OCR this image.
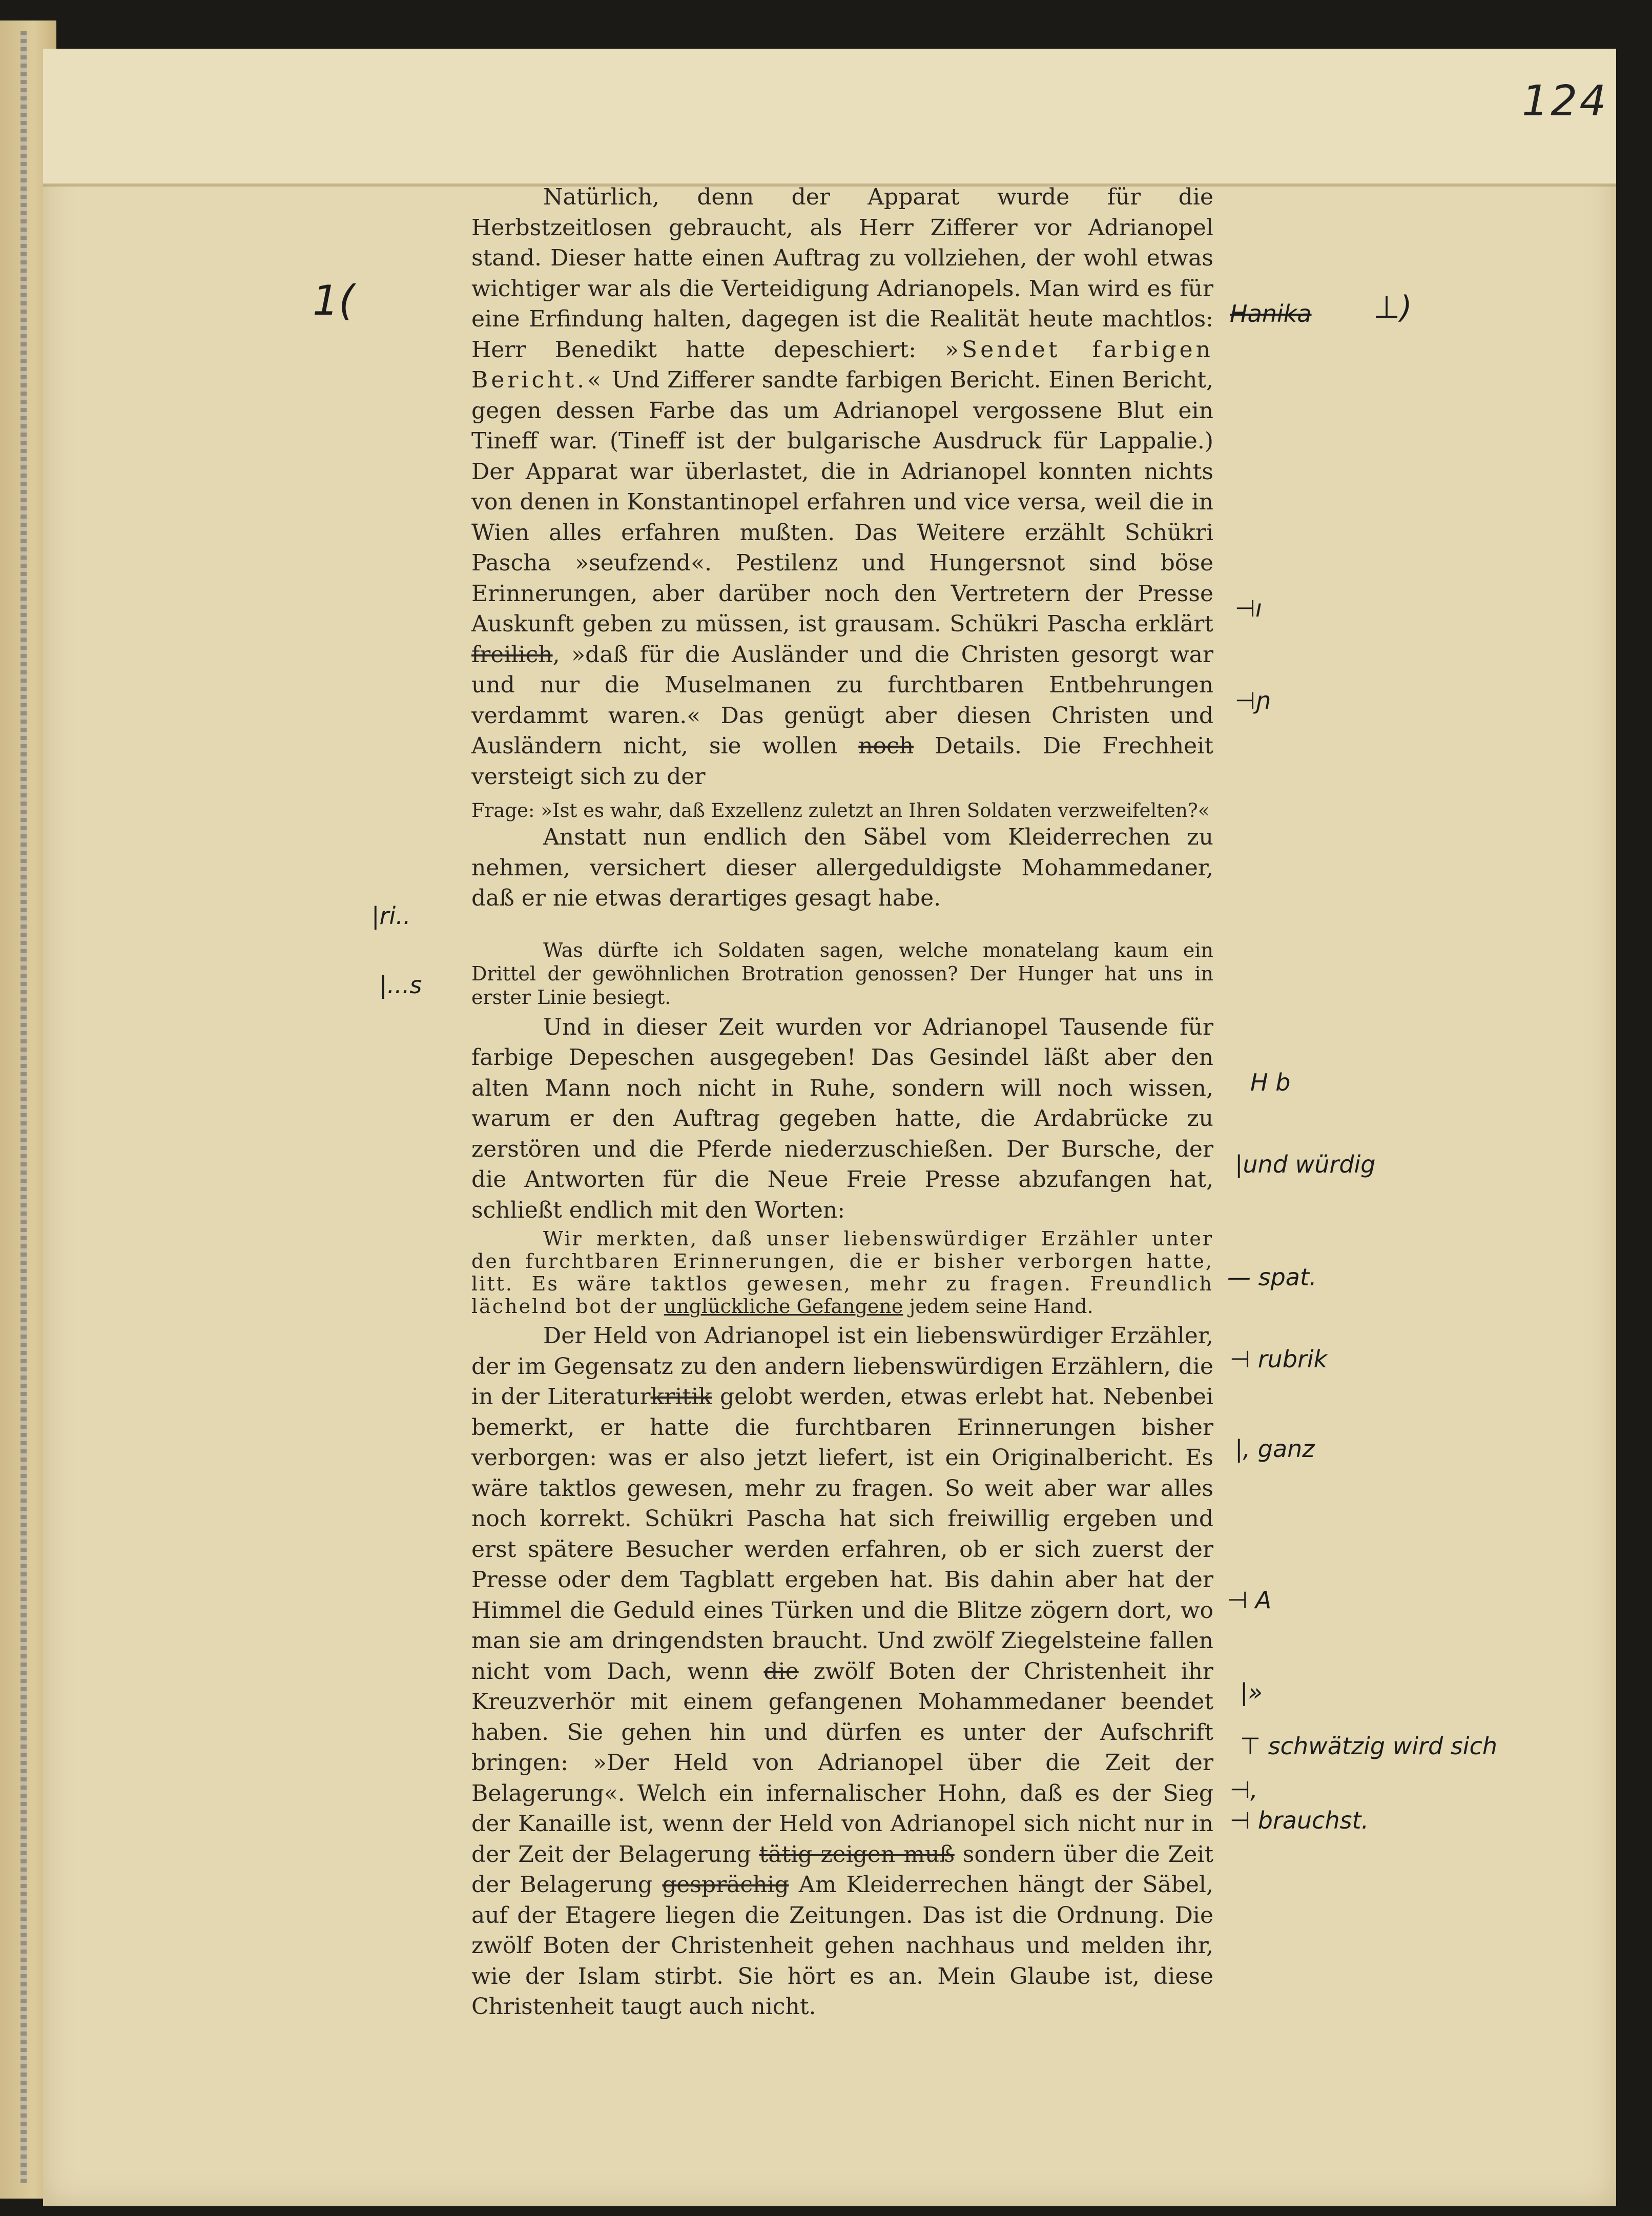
124

Natürlich, denn der Apparat wurde für die Herbstzeitlosen gebraucht, als Herr Zifferer vor Adrianopel stand. Dieser hatte einen Auftrag zu vollziehen, der wohl etwas wichtiger war als die Verteidigung Adrianopels. Man wird es für eine Erfindung halten, dagegen ist die Realität heute machtlos: Herr Benedikt hatte depeschiert: »Sendet farbigen Bericht.« Und Zifferer sandte farbigen Bericht. Einen Bericht, gegen dessen Farbe das um Adrianopel vergossene Blut ein Tineff war. (Tineff ist der bulgarische Ausdruck für Lappalie.) Der Apparat war überlastet, die in Adrianopel konnten nichts von denen in Konstantinopel erfahren und vice versa, weil die in Wien alles erfahren mußten. Das Weitere erzählt Schükri Pascha »seufzend«. Pestilenz und Hungersnot sind böse Erinnerungen, aber darüber noch den Vertretern der Presse Auskunft geben zu müssen, ist grausam. Schükri Pascha erklärt freilich, »daß für die Ausländer und die Christen gesorgt war und nur die Muselmanen zu furchtbaren Entbehrungen verdammt waren.« Das genügt aber diesen Christen und Ausländern nicht, sie wollen noch Details. Die Frechheit versteigt sich zu der

Frage: »Ist es wahr, daß Exzellenz zuletzt an Ihren Soldaten verzweifelten?«

Anstatt nun endlich den Säbel vom Kleiderrechen zu nehmen, versichert dieser allergeduldigste Mohammedaner, daß er nie etwas derartiges gesagt habe.

Was dürfte ich Soldaten sagen, welche monatelang kaum ein Drittel der gewöhnlichen Brotration genossen? Der Hunger hat uns in erster Linie besiegt.

Und in dieser Zeit wurden vor Adrianopel Tausende für farbige Depeschen ausgegeben! Das Gesindel läßt aber den alten Mann noch nicht in Ruhe, sondern will noch wissen, warum er den Auftrag gegeben hatte, die Ardabrücke zu zerstören und die Pferde niederzuschießen. Der Bursche, der die Antworten für die Neue Freie Presse abzufangen hat, schließt endlich mit den Worten:

Wir merkten, daß unser liebenswürdiger Erzähler unter den furchtbaren Erinnerungen, die er bisher verborgen hatte, litt. Es wäre taktlos gewesen, mehr zu fragen. Freundlich lächelnd bot der unglückliche Gefangene jedem seine Hand.

Der Held von Adrianopel ist ein liebenswürdiger Erzähler, der im Gegensatz zu den andern liebenswürdigen Erzählern, die in der Literaturkritik gelobt werden, etwas erlebt hat. Nebenbei bemerkt, er hatte die furchtbaren Erinnerungen bisher verborgen: was er also jetzt liefert, ist ein Originalbericht. Es wäre taktlos gewesen, mehr zu fragen. So weit aber war alles noch korrekt. Schükri Pascha hat sich freiwillig ergeben und erst spätere Besucher werden erfahren, ob er sich zuerst der Presse oder dem Tagblatt ergeben hat. Bis dahin aber hat der Himmel die Geduld eines Türken und die Blitze zögern dort, wo man sie am dringendsten braucht. Und zwölf Ziegelsteine fallen nicht vom Dach, wenn die zwölf Boten der Christenheit ihr Kreuzverhör mit einem gefangenen Mohammedaner beendet haben. Sie gehen hin und dürfen es unter der Aufschrift bringen: »Der Held von Adrianopel über die Zeit der Belagerung«. Welch ein infernalischer Hohn, daß es der Sieg der Kanaille ist, wenn der Held von Adrianopel sich nicht nur in der Zeit der Belagerung tätig zeigen muß sondern über die Zeit der Belagerung gesprächig Am Kleiderrechen hängt der Säbel, auf der Etagere liegen die Zeitungen. Das ist die Ordnung. Die zwölf Boten der Christenheit gehen nachhaus und melden ihr, wie der Islam stirbt. Sie hört es an. Mein Glaube ist, diese Christenheit taugt auch nicht.

1(	Hanika ⊥)
|ri..
|...s
⊣ı
⊣ɲ
H b
|und würdig
— spat.
⊣ rubrik
|, ganz
⊣ A
|»
⊤ schwätzig wird sich
⊣,
⊣ brauchst.
